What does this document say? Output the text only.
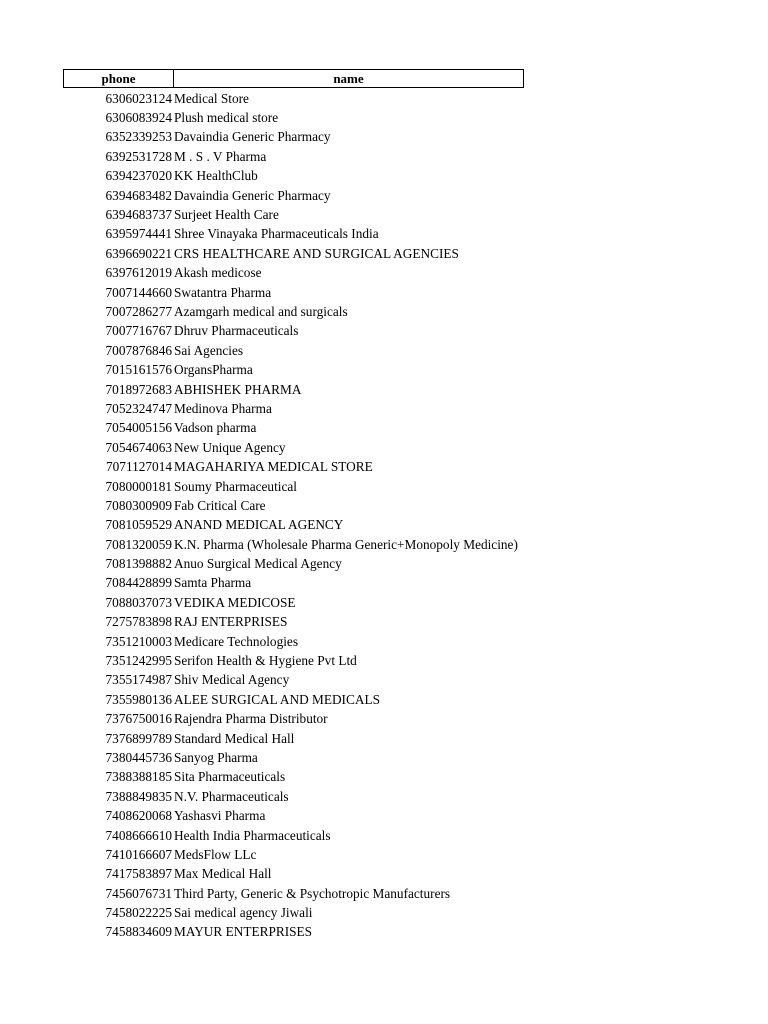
phone	name
6306023124 Medical Store
6306083924 Plush medical store
6352339253 Davaindia Generic Pharmacy
6392531728 M . S . V Pharma
6394237020 KK HealthClub
6394683482 Davaindia Generic Pharmacy
6394683737 Surjeet Health Care
6395974441 Shree Vinayaka Pharmaceuticals India
6396690221 CRS HEALTHCARE AND SURGICAL AGENCIES
6397612019 Akash medicose
7007144660 Swatantra Pharma
7007286277 Azamgarh medical and surgicals
7007716767 Dhruv Pharmaceuticals
7007876846 Sai Agencies
7015161576 OrgansPharma
7018972683 ABHISHEK PHARMA
7052324747 Medinova Pharma
7054005156 Vadson pharma
7054674063 New Unique Agency
7071127014 MAGAHARIYA MEDICAL STORE
7080000181 Soumy Pharmaceutical
7080300909 Fab Critical Care
7081059529 ANAND MEDICAL AGENCY
7081320059 K.N. Pharma (Wholesale Pharma Generic+Monopoly Medicine)
7081398882 Anuo Surgical Medical Agency
7084428899 Samta Pharma
7088037073 VEDIKA MEDICOSE
7275783898 RAJ ENTERPRISES
7351210003 Medicare Technologies
7351242995 Serifon Health & Hygiene Pvt Ltd
7355174987 Shiv Medical Agency
7355980136 ALEE SURGICAL AND MEDICALS
7376750016 Rajendra Pharma Distributor
7376899789 Standard Medical Hall
7380445736 Sanyog Pharma
7388388185 Sita Pharmaceuticals
7388849835 N.V. Pharmaceuticals
7408620068 Yashasvi Pharma
7408666610 Health India Pharmaceuticals
7410166607 MedsFlow LLc
7417583897 Max Medical Hall
7456076731 Third Party, Generic & Psychotropic Manufacturers
7458022225 Sai medical agency Jiwali
7458834609 MAYUR ENTERPRISES
